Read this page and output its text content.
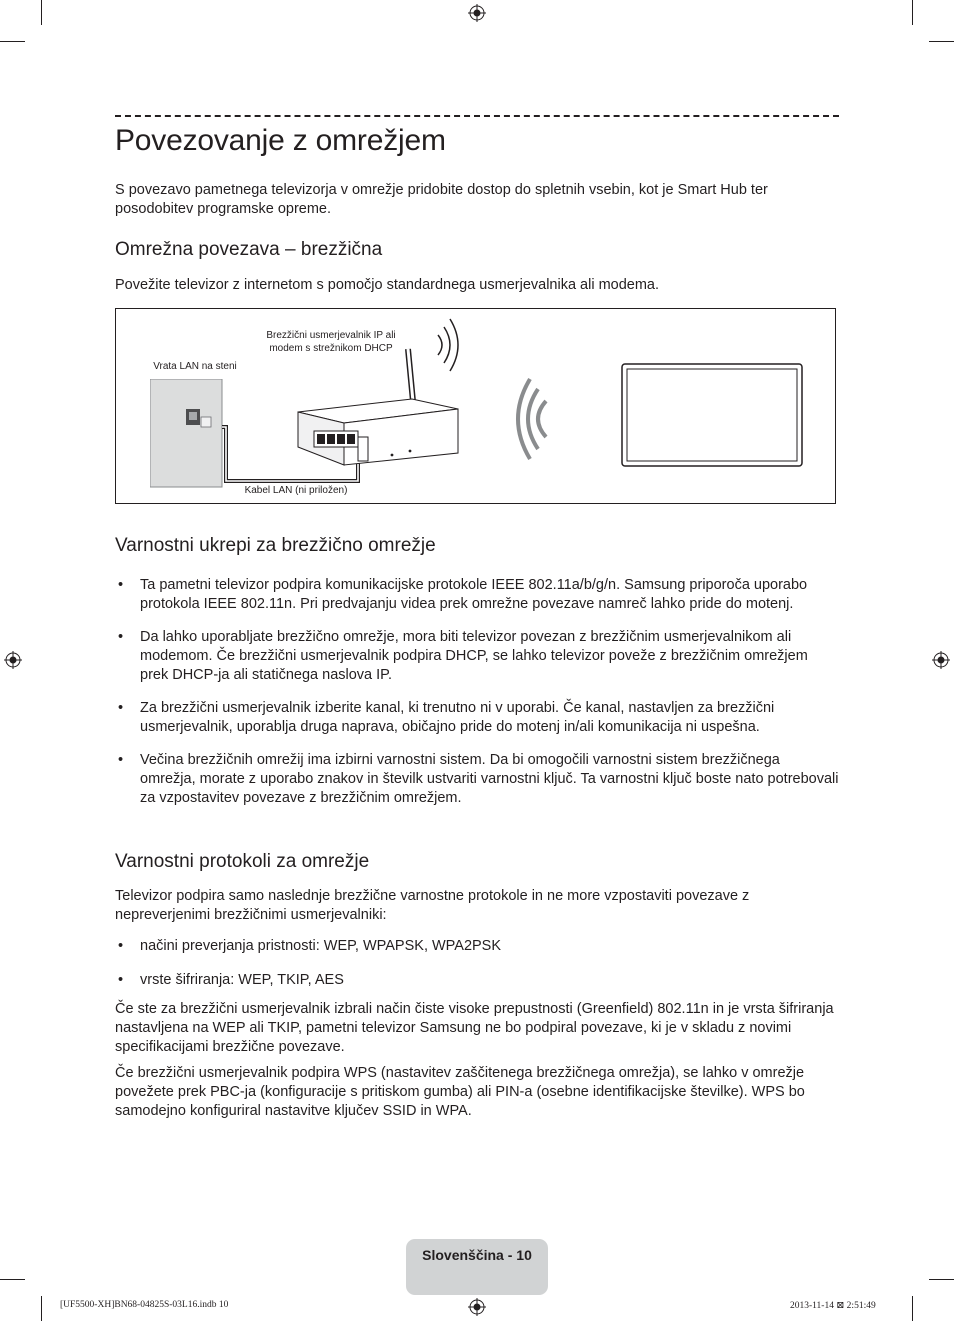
Povezovanje z omrežjem

S povezavo pametnega televizorja v omrežje pridobite dostop do spletnih vsebin, kot je Smart Hub ter posodobitev programske opreme.

Omrežna povezava – brezžična

Povežite televizor z internetom s pomočjo standardnega usmerjevalnika ali modema.

Brezžični usmerjevalnik IP ali
modem s strežnikom DHCP
Vrata LAN na steni
Kabel LAN (ni priložen)
Varnostni ukrepi za brezžično omrežje
• Ta pametni televizor podpira komunikacijske protokole IEEE 802.11a/b/g/n. Samsung priporoča uporabo protokola IEEE 802.11n. Pri predvajanju videa prek omrežne povezave namreč lahko pride do motenj.
• Da lahko uporabljate brezžično omrežje, mora biti televizor povezan z brezžičnim usmerjevalnikom ali modemom. Če brezžični usmerjevalnik podpira DHCP, se lahko televizor poveže z brezžičnim omrežjem prek DHCP-ja ali statičnega naslova IP.
• Za brezžični usmerjevalnik izberite kanal, ki trenutno ni v uporabi. Če kanal, nastavljen za brezžični usmerjevalnik, uporablja druga naprava, običajno pride do motenj in/ali komunikacija ni uspešna.
• Večina brezžičnih omrežij ima izbirni varnostni sistem. Da bi omogočili varnostni sistem brezžičnega omrežja, morate z uporabo znakov in številk ustvariti varnostni ključ. Ta varnostni ključ boste nato potrebovali za vzpostavitev povezave z brezžičnim omrežjem.
Varnostni protokoli za omrežje

Televizor podpira samo naslednje brezžične varnostne protokole in ne more vzpostaviti povezave z nepreverjenimi brezžičnimi usmerjevalniki:

• načini preverjanja pristnosti: WEP, WPAPSK, WPA2PSK
• vrste šifriranja: WEP, TKIP, AES

Če ste za brezžični usmerjevalnik izbrali način čiste visoke prepustnosti (Greenfield) 802.11n in je vrsta šifriranja nastavljena na WEP ali TKIP, pametni televizor Samsung ne bo podpiral povezave, ki je v skladu z novimi specifikacijami brezžične povezave.

Če brezžični usmerjevalnik podpira WPS (nastavitev zaščitenega brezžičnega omrežja), se lahko v omrežje povežete prek PBC-ja (konfiguracije s pritiskom gumba) ali PIN-a (osebne identifikacijske številke). WPS bo samodejno konfiguriral nastavitve ključev SSID in WPA.

Slovenščina - 10
[UF5500-XH]BN68-04825S-03L16.indb 10	2013-11-14 ⊠ 2:51:49
